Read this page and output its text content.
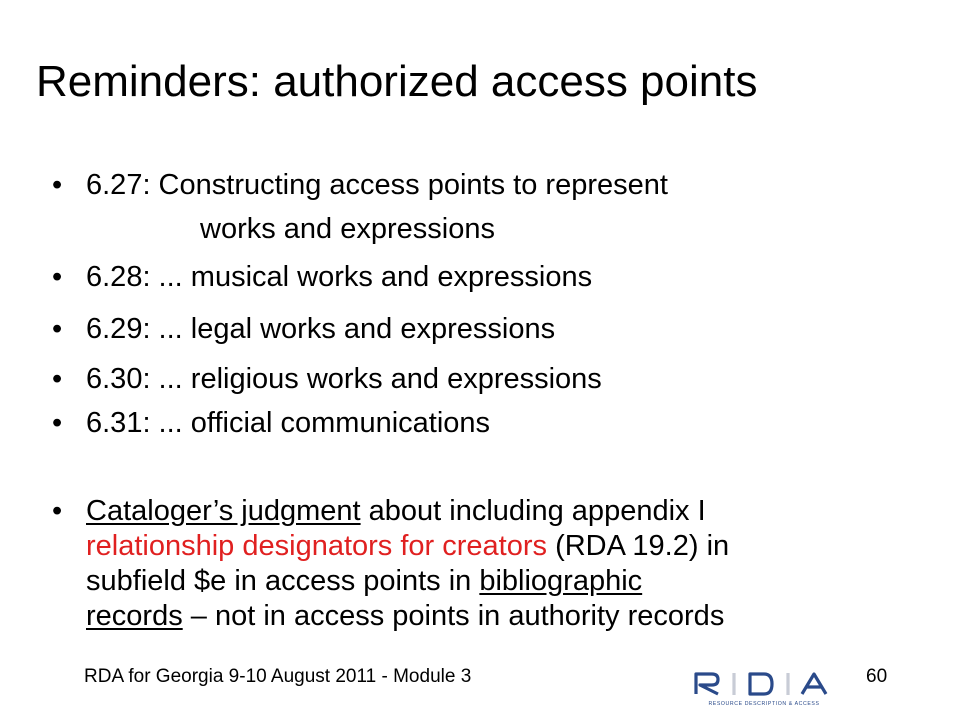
Reminders: authorized access points
• 6.27: Constructing access points to represent
works and expressions
• 6.28: ... musical works and expressions
• 6.29: ... legal works and expressions
• 6.30: ... religious works and expressions
• 6.31: ... official communications
• Cataloger’s judgment about including appendix I
relationship designators for creators (RDA 19.2) in
subfield $e in access points in bibliographic
records – not in access points in authority records
RDA for Georgia 9-10 August 2011 - Module 3
RESOURCE DESCRIPTION & ACCESS
60
